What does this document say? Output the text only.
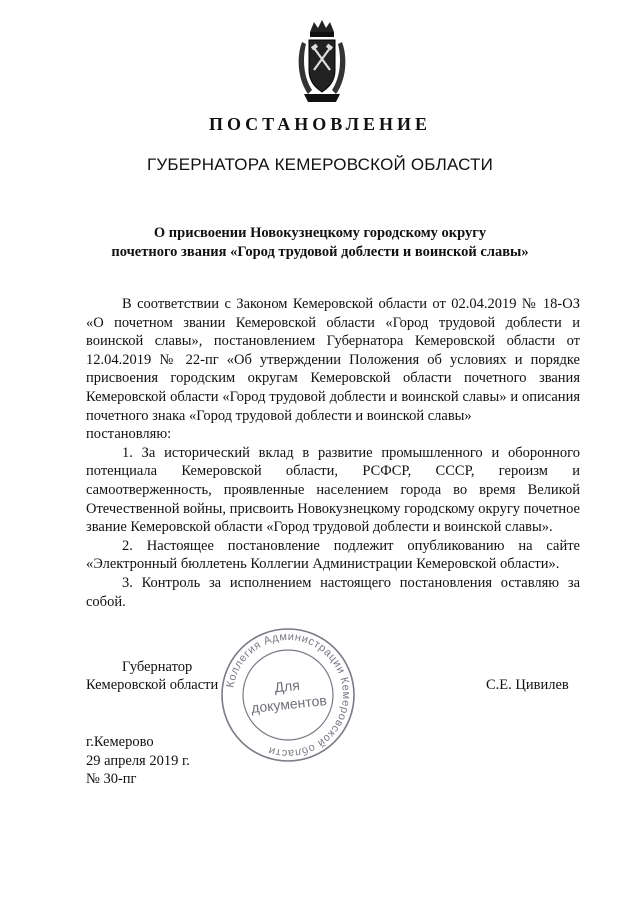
ПОСТАНОВЛЕНИЕ
ГУБЕРНАТОРА КЕМЕРОВСКОЙ ОБЛАСТИ
О присвоении Новокузнецкому городскому округу
почетного звания «Город трудовой доблести и воинской славы»

В соответствии с Законом Кемеровской области от 02.04.2019 № 18-ОЗ «О почетном звании Кемеровской области «Город трудовой доблести и воинской славы», постановлением Губернатора Кемеровской области от 12.04.2019 № 22-пг «Об утверждении Положения об условиях и порядке присвоения городским округам Кемеровской области почетного звания Кемеровской области «Город трудовой доблести и воинской славы» и описания почетного знака «Город трудовой доблести и воинской славы»

постановляю:

1. За исторический вклад в развитие промышленного и оборонного потенциала Кемеровской области, РСФСР, СССР, героизм и самоотверженность, проявленные населением города во время Великой Отечественной войны, присвоить Новокузнецкому городскому округу почетное звание Кемеровской области «Город трудовой доблести и воинской славы».

2. Настоящее постановление подлежит опубликованию на сайте «Электронный бюллетень Коллегии Администрации Кемеровской области».

3. Контроль за исполнением настоящего постановления оставляю за собой.

Губернатор
Кемеровской области	С.Е. Цивилев
Коллегия Администрации Кемеровской области
Для
документов
г.Кемерово
29 апреля 2019 г.
№ 30-пг
